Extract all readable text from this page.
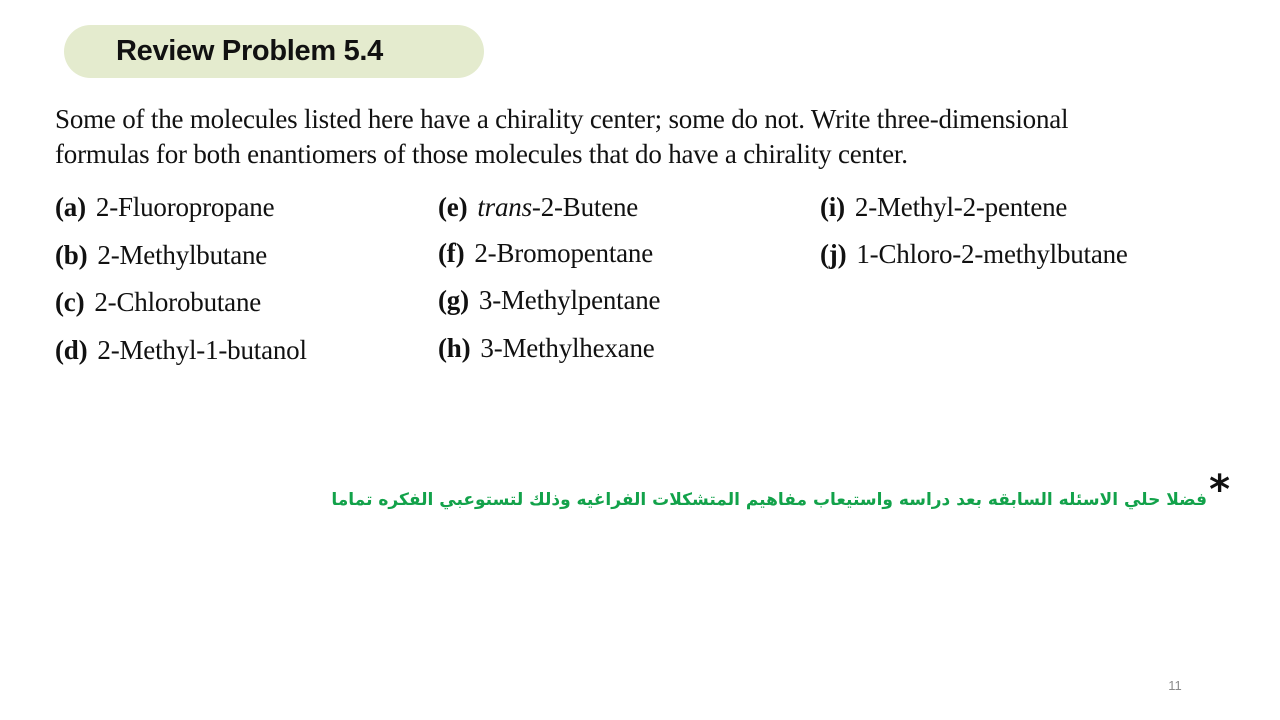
Review Problem 5.4
Some of the molecules listed here have a chirality center; some do not. Write three-dimensional
formulas for both enantiomers of those molecules that do have a chirality center.
(a) 2-Fluoropropane
(b) 2-Methylbutane
(c) 2-Chlorobutane
(d) 2-Methyl-1-butanol
(e) trans-2-Butene
(f) 2-Bromopentane
(g) 3-Methylpentane
(h) 3-Methylhexane
(i) 2-Methyl-2-pentene
(j) 1-Chloro-2-methylbutane
فضلا حلي الاسئله السابقه بعد دراسه واستيعاب مفاهيم المتشكلات الفراغيه وذلك لتستوعبي الفكره تماما *
11
